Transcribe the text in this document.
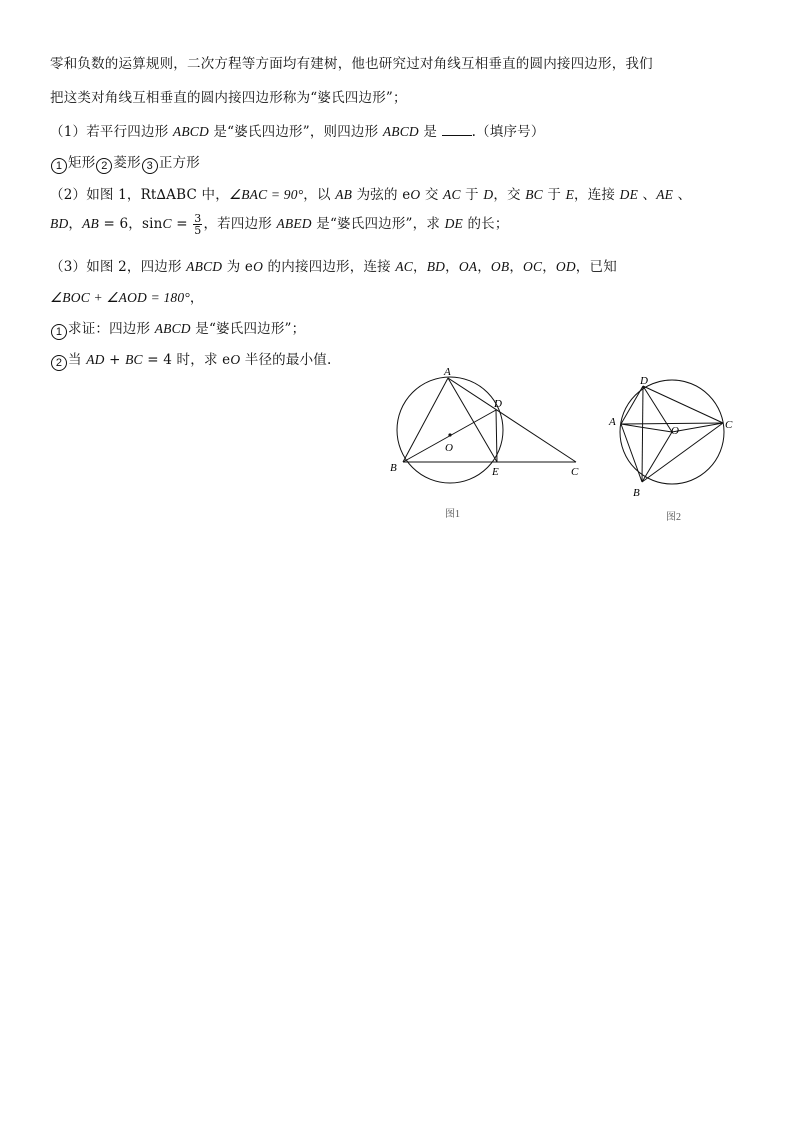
零和负数的运算规则，二次方程等方面均有建树，他也研究过对角线互相垂直的圆内接四边形，我们
把这类对角线互相垂直的圆内接四边形称为“婆氏四边形”；
（1）若平行四边形 ABCD 是“婆氏四边形”，则四边形 ABCD 是 .（填序号）
1 矩形 2 菱形 3 正方形
（2）如图 1，Rt∆ABC 中，∠BAC = 90°，以 AB 为弦的 eO 交 AC 于 D，交 BC 于 E，连接 DE 、AE 、
BD，AB = 6，$\sin C = \frac{3}{5}$ ，若四边形 ABED 是“婆氏四边形”，求 DE 的长；
（3）如图 2，四边形 ABCD 为 eO 的内接四边形，连接 AC，BD，OA，OB，OC，OD，已知
∠BOC + ∠AOD = 180°，
1 求证：四边形 ABCD 是“婆氏四边形”；
2 当 AD + BC = 4 时，求 eO 半径的最小值.
A
B	C
D
E
O
图1
A
B
C
D
O
图2
